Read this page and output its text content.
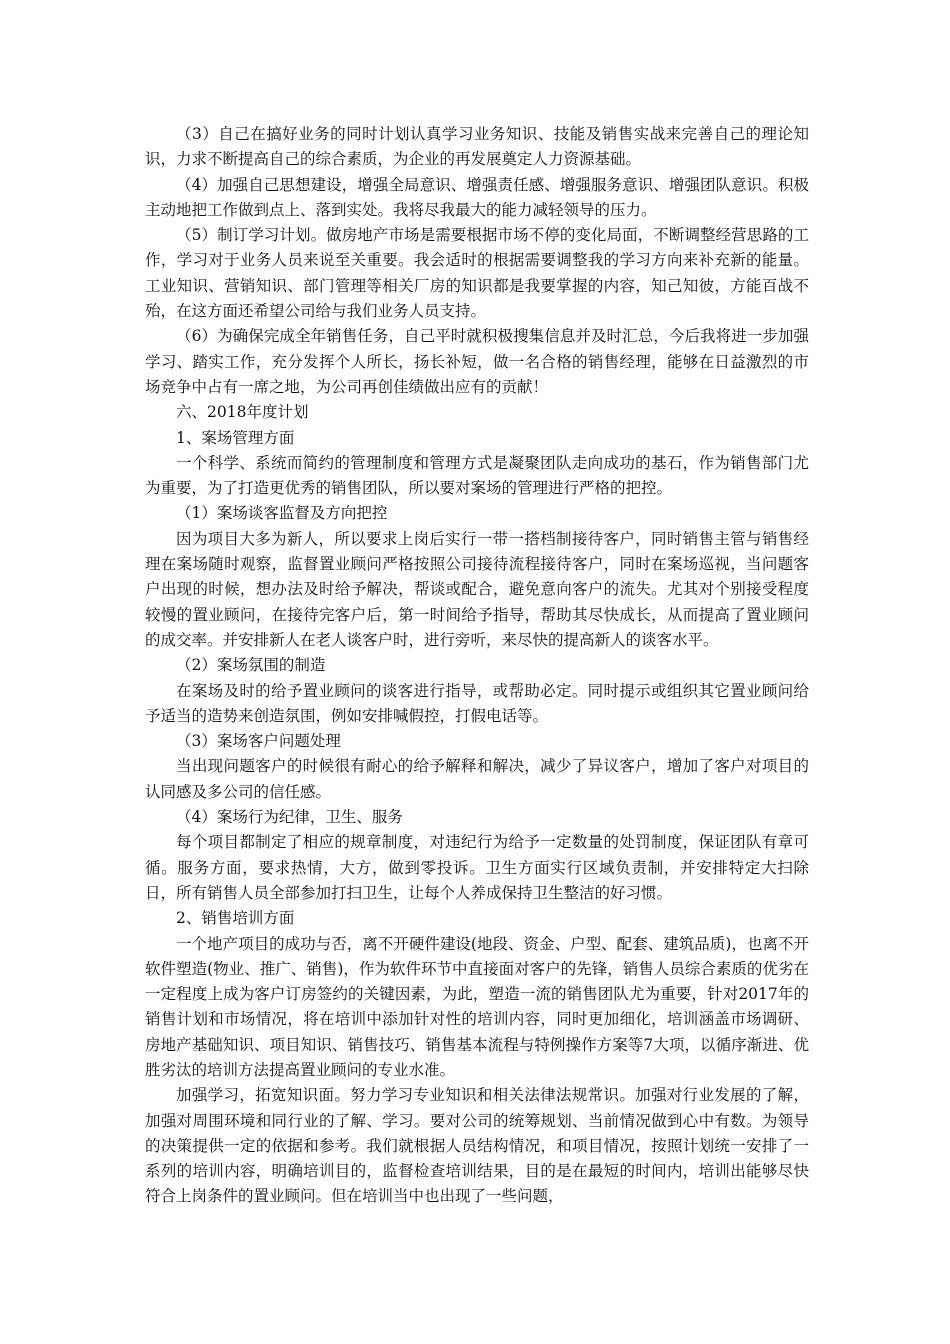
（3）自己在搞好业务的同时计划认真学习业务知识、技能及销售实战来完善自己的理论知识，力求不断提高自己的综合素质，为企业的再发展奠定人力资源基础。

（4）加强自己思想建设，增强全局意识、增强责任感、增强服务意识、增强团队意识。积极主动地把工作做到点上、落到实处。我将尽我最大的能力减轻领导的压力。

（5）制订学习计划。做房地产市场是需要根据市场不停的变化局面，不断调整经营思路的工作，学习对于业务人员来说至关重要。我会适时的根据需要调整我的学习方向来补充新的能量。工业知识、营销知识、部门管理等相关厂房的知识都是我要掌握的内容，知己知彼，方能百战不殆，在这方面还希望公司给与我们业务人员支持。

（6）为确保完成全年销售任务，自己平时就积极搜集信息并及时汇总，今后我将进一步加强学习、踏实工作，充分发挥个人所长，扬长补短，做一名合格的销售经理，能够在日益激烈的市场竞争中占有一席之地，为公司再创佳绩做出应有的贡献！

六、2018年度计划

1、案场管理方面

一个科学、系统而简约的管理制度和管理方式是凝聚团队走向成功的基石，作为销售部门尤为重要，为了打造更优秀的销售团队，所以要对案场的管理进行严格的把控。

（1）案场谈客监督及方向把控

因为项目大多为新人，所以要求上岗后实行一带一搭档制接待客户，同时销售主管与销售经理在案场随时观察，监督置业顾问严格按照公司接待流程接待客户，同时在案场巡视，当问题客户出现的时候，想办法及时给予解决，帮谈或配合，避免意向客户的流失。尤其对个别接受程度较慢的置业顾问，在接待完客户后，第一时间给予指导，帮助其尽快成长，从而提高了置业顾问的成交率。并安排新人在老人谈客户时，进行旁听，来尽快的提高新人的谈客水平。

（2）案场氛围的制造

在案场及时的给予置业顾问的谈客进行指导，或帮助必定。同时提示或组织其它置业顾问给予适当的造势来创造氛围，例如安排喊假控，打假电话等。

（3）案场客户问题处理

当出现问题客户的时候很有耐心的给予解释和解决，减少了异议客户，增加了客户对项目的认同感及多公司的信任感。

（4）案场行为纪律，卫生、服务

每个项目都制定了相应的规章制度，对违纪行为给予一定数量的处罚制度，保证团队有章可循。服务方面，要求热情，大方，做到零投诉。卫生方面实行区域负责制，并安排特定大扫除日，所有销售人员全部参加打扫卫生，让每个人养成保持卫生整洁的好习惯。

2、销售培训方面

一个地产项目的成功与否，离不开硬件建设(地段、资金、户型、配套、建筑品质)，也离不开软件塑造(物业、推广、销售)，作为软件环节中直接面对客户的先锋，销售人员综合素质的优劣在一定程度上成为客户订房签约的关键因素，为此，塑造一流的销售团队尤为重要，针对2017年的销售计划和市场情况，将在培训中添加针对性的培训内容，同时更加细化，培训涵盖市场调研、房地产基础知识、项目知识、销售技巧、销售基本流程与特例操作方案等7大项，以循序渐进、优胜劣汰的培训方法提高置业顾问的专业水准。

加强学习，拓宽知识面。努力学习专业知识和相关法律法规常识。加强对行业发展的了解，加强对周围环境和同行业的了解、学习。要对公司的统筹规划、当前情况做到心中有数。为领导的决策提供一定的依据和参考。我们就根据人员结构情况，和项目情况，按照计划统一安排了一系列的培训内容，明确培训目的，监督检查培训结果，目的是在最短的时间内，培训出能够尽快符合上岗条件的置业顾问。但在培训当中也出现了一些问题，
